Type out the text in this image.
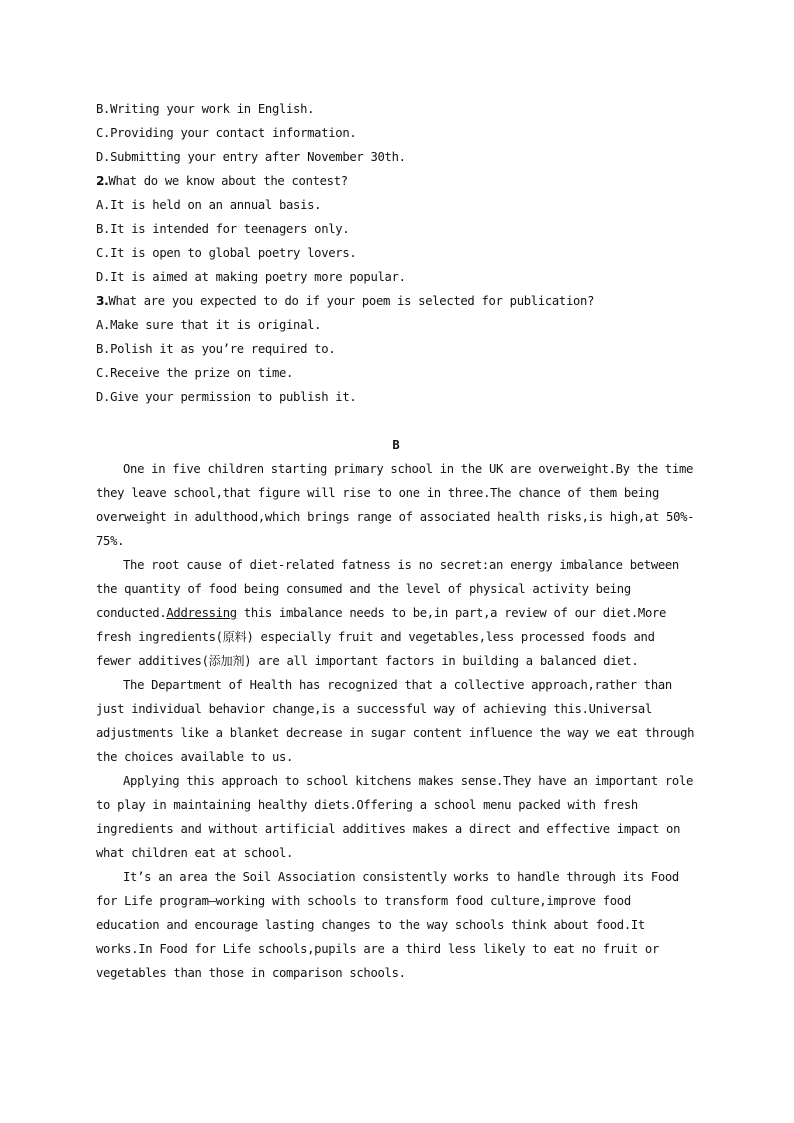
B.Writing your work in English.
C.Providing your contact information.
D.Submitting your entry after November 30th.
2.What do we know about the contest?
A.It is held on an annual basis.
B.It is intended for teenagers only.
C.It is open to global poetry lovers.
D.It is aimed at making poetry more popular.
3.What are you expected to do if your poem is selected for publication?
A.Make sure that it is original.
B.Polish it as you’re required to.
C.Receive the prize on time.
D.Give your permission to publish it.
B
One in five children starting primary school in the UK are overweight.By the time
they leave school,that figure will rise to one in three.The chance of them being
overweight in adulthood,which brings range of associated health risks,is high,at 50%-
75%.
The root cause of diet-related fatness is no secret:an energy imbalance between
the quantity of food being consumed and the level of physical activity being
conducted.Addressing this imbalance needs to be,in part,a review of our diet.More
fresh ingredients(原料) especially fruit and vegetables,less processed foods and
fewer additives(添加剂) are all important factors in building a balanced diet.
The Department of Health has recognized that a collective approach,rather than
just individual behavior change,is a successful way of achieving this.Universal
adjustments like a blanket decrease in sugar content influence the way we eat through
the choices available to us.
Applying this approach to school kitchens makes sense.They have an important role
to play in maintaining healthy diets.Offering a school menu packed with fresh
ingredients and without artificial additives makes a direct and effective impact on
what children eat at school.
It’s an area the Soil Association consistently works to handle through its Food
for Life program—working with schools to transform food culture,improve food
education and encourage lasting changes to the way schools think about food.It
works.In Food for Life schools,pupils are a third less likely to eat no fruit or
vegetables than those in comparison schools.
